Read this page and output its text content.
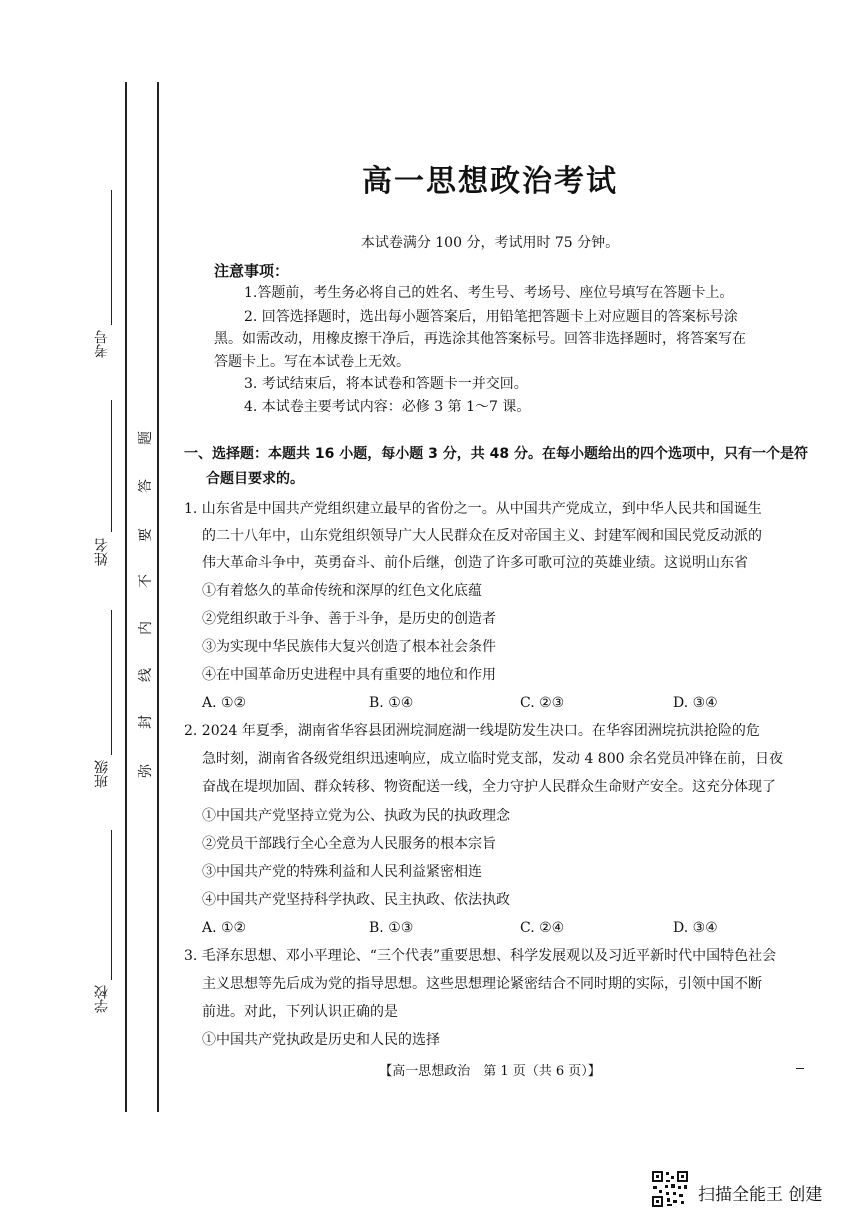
考号
姓名
班级
学校
题
答
要
不
内
线
封
弥
高一思想政治考试
本试卷满分 100 分，考试用时 75 分钟。
注意事项：
1.答题前，考生务必将自己的姓名、考生号、考场号、座位号填写在答题卡上。
2. 回答选择题时，选出每小题答案后，用铅笔把答题卡上对应题目的答案标号涂
黑。如需改动，用橡皮擦干净后，再选涂其他答案标号。回答非选择题时，将答案写在
答题卡上。写在本试卷上无效。
3. 考试结束后，将本试卷和答题卡一并交回。
4. 本试卷主要考试内容：必修 3 第 1～7 课。
一、选择题：本题共 16 小题，每小题 3 分，共 48 分。在每小题给出的四个选项中，只有一个是符
合题目要求的。
1. 山东省是中国共产党组织建立最早的省份之一。从中国共产党成立，到中华人民共和国诞生
的二十八年中，山东党组织领导广大人民群众在反对帝国主义、封建军阀和国民党反动派的
伟大革命斗争中，英勇奋斗、前仆后继，创造了许多可歌可泣的英雄业绩。这说明山东省
①有着悠久的革命传统和深厚的红色文化底蕴
②党组织敢于斗争、善于斗争，是历史的创造者
③为实现中华民族伟大复兴创造了根本社会条件
④在中国革命历史进程中具有重要的地位和作用
A. ①②	B. ①④	C. ②③	D. ③④
2. 2024 年夏季，湖南省华容县团洲垸洞庭湖一线堤防发生决口。在华容团洲垸抗洪抢险的危
急时刻，湖南省各级党组织迅速响应，成立临时党支部，发动 4 800 余名党员冲锋在前，日夜
奋战在堤坝加固、群众转移、物资配送一线，全力守护人民群众生命财产安全。这充分体现了
①中国共产党坚持立党为公、执政为民的执政理念
②党员干部践行全心全意为人民服务的根本宗旨
③中国共产党的特殊利益和人民利益紧密相连
④中国共产党坚持科学执政、民主执政、依法执政
A. ①②	B. ①③	C. ②④	D. ③④
3. 毛泽东思想、邓小平理论、“三个代表”重要思想、科学发展观以及习近平新时代中国特色社会
主义思想等先后成为党的指导思想。这些思想理论紧密结合不同时期的实际，引领中国不断
前进。对此，下列认识正确的是
①中国共产党执政是历史和人民的选择
【高一思想政治　第 1 页（共 6 页）】
扫描全能王 创建
